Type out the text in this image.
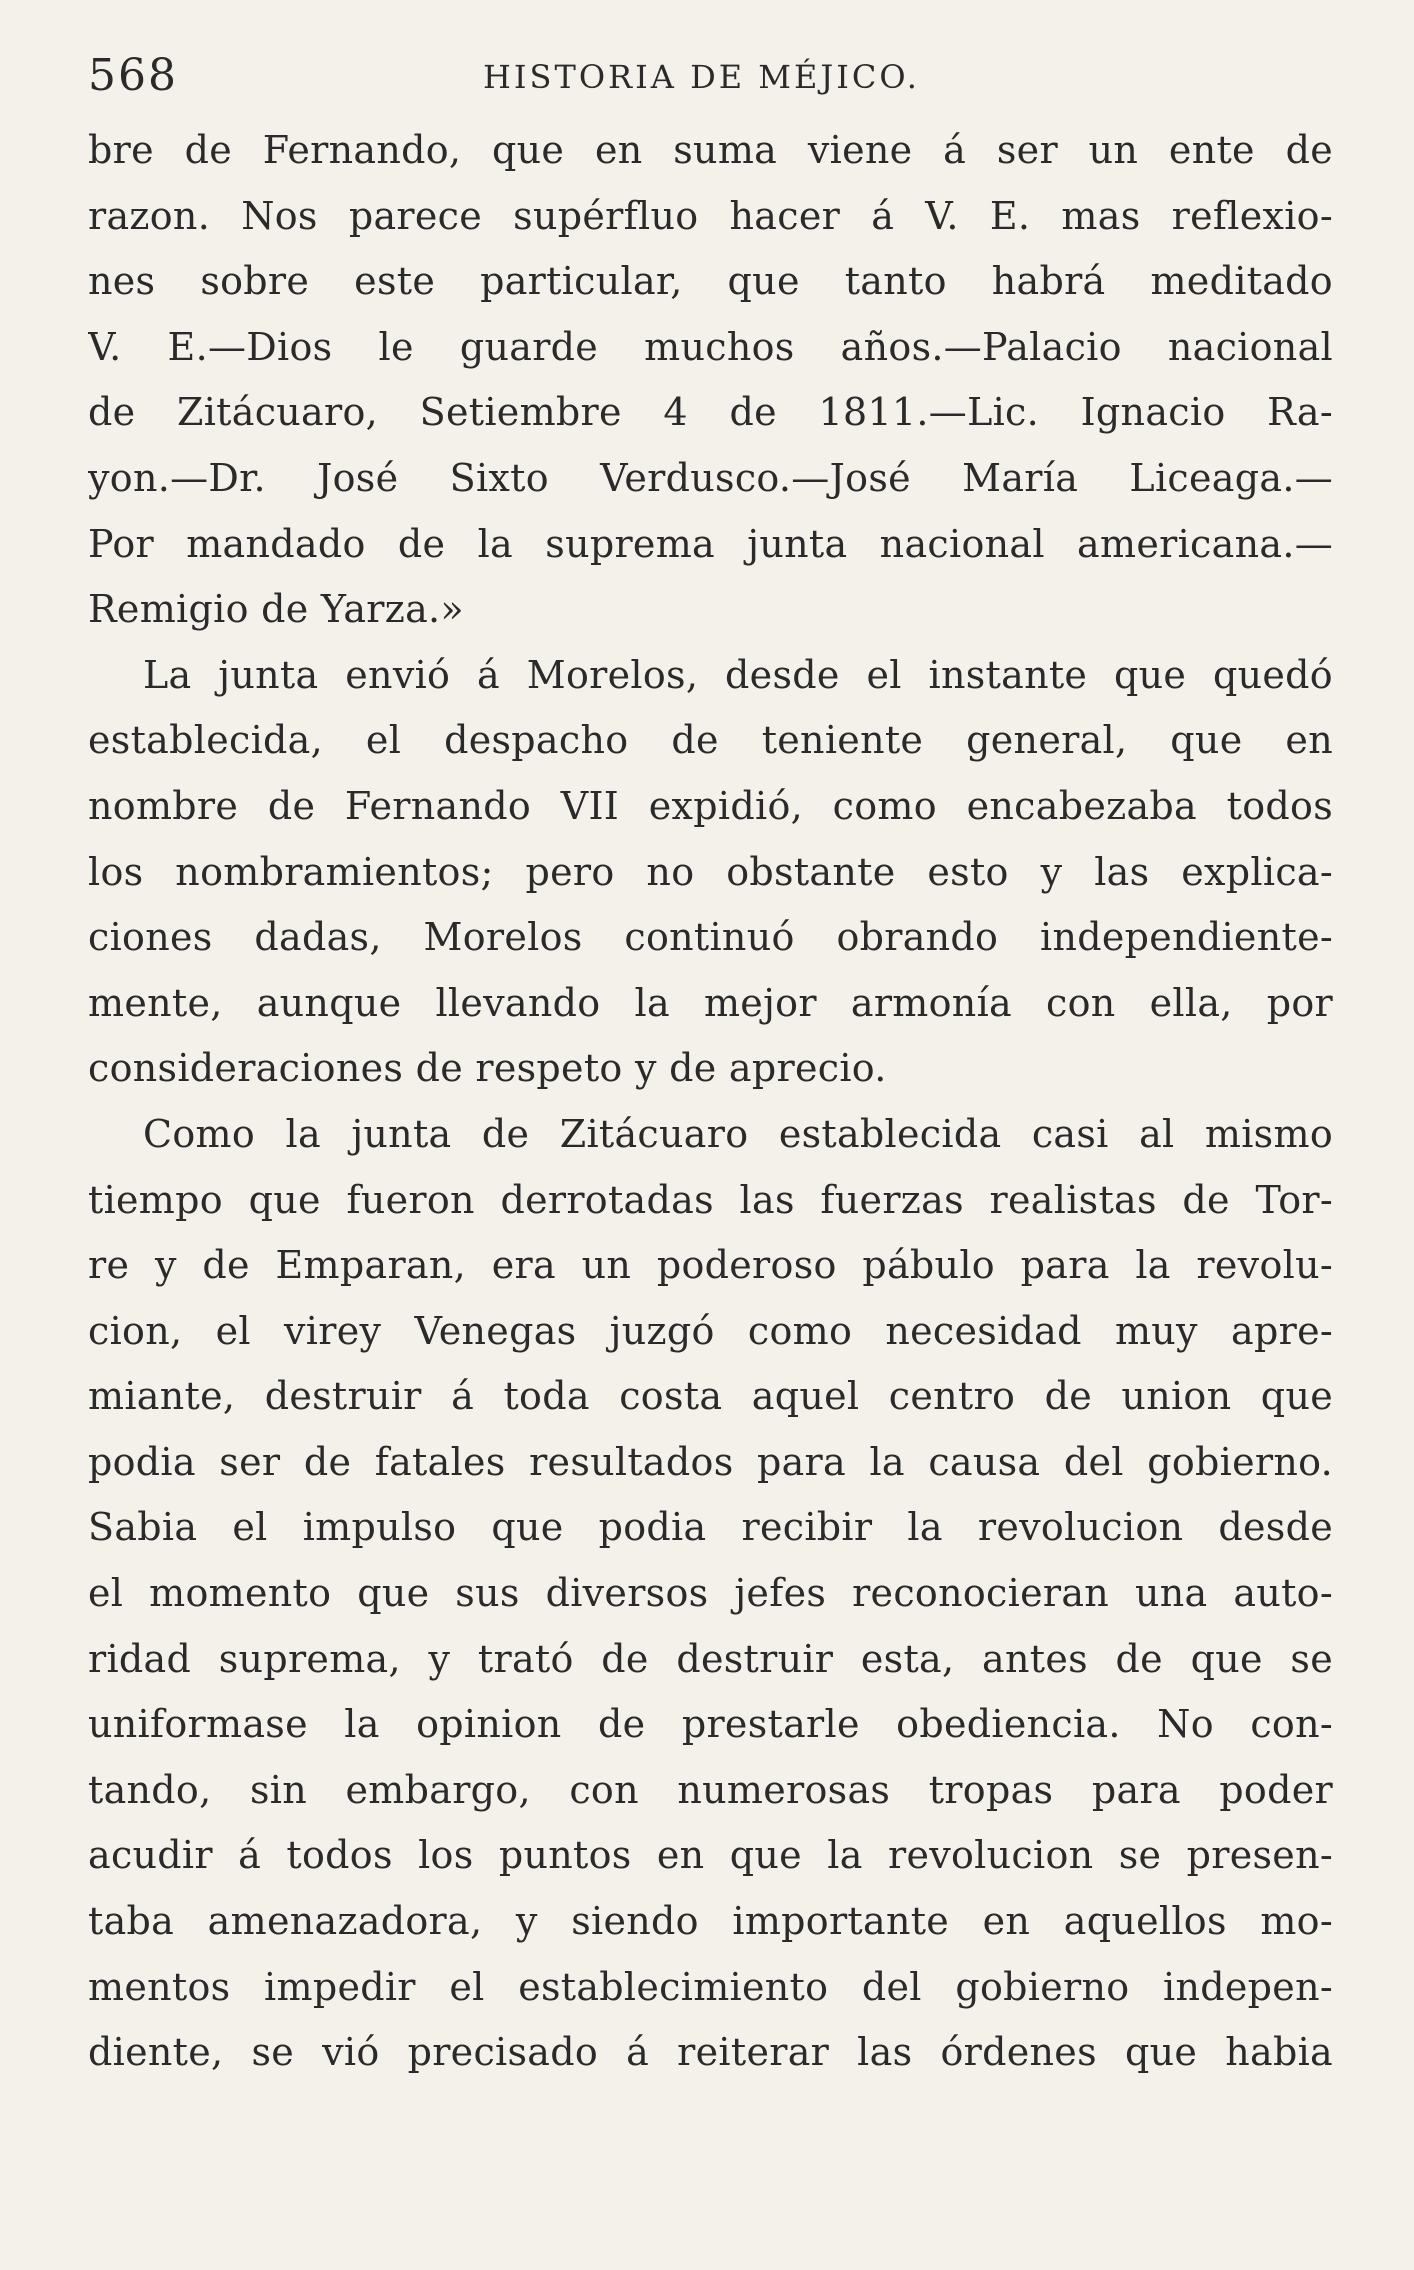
568	HISTORIA DE MÉJICO.
bre de Fernando, que en suma viene á ser un ente de
razon. Nos parece supérfluo hacer á V. E. mas reflexio-
nes sobre este particular, que tanto habrá meditado
V. E.—Dios le guarde muchos años.—Palacio nacional
de Zitácuaro, Setiembre 4 de 1811.—Lic. Ignacio Ra-
yon.—Dr. José Sixto Verdusco.—José María Liceaga.—
Por mandado de la suprema junta nacional americana.—
Remigio de Yarza.»
La junta envió á Morelos, desde el instante que quedó
establecida, el despacho de teniente general, que en
nombre de Fernando VII expidió, como encabezaba todos
los nombramientos; pero no obstante esto y las explica-
ciones dadas, Morelos continuó obrando independiente-
mente, aunque llevando la mejor armonía con ella, por
consideraciones de respeto y de aprecio.
Como la junta de Zitácuaro establecida casi al mismo
tiempo que fueron derrotadas las fuerzas realistas de Tor-
re y de Emparan, era un poderoso pábulo para la revolu-
cion, el virey Venegas juzgó como necesidad muy apre-
miante, destruir á toda costa aquel centro de union que
podia ser de fatales resultados para la causa del gobierno.
Sabia el impulso que podia recibir la revolucion desde
el momento que sus diversos jefes reconocieran una auto-
ridad suprema, y trató de destruir esta, antes de que se
uniformase la opinion de prestarle obediencia. No con-
tando, sin embargo, con numerosas tropas para poder
acudir á todos los puntos en que la revolucion se presen-
taba amenazadora, y siendo importante en aquellos mo-
mentos impedir el establecimiento del gobierno indepen-
diente, se vió precisado á reiterar las órdenes que habia
